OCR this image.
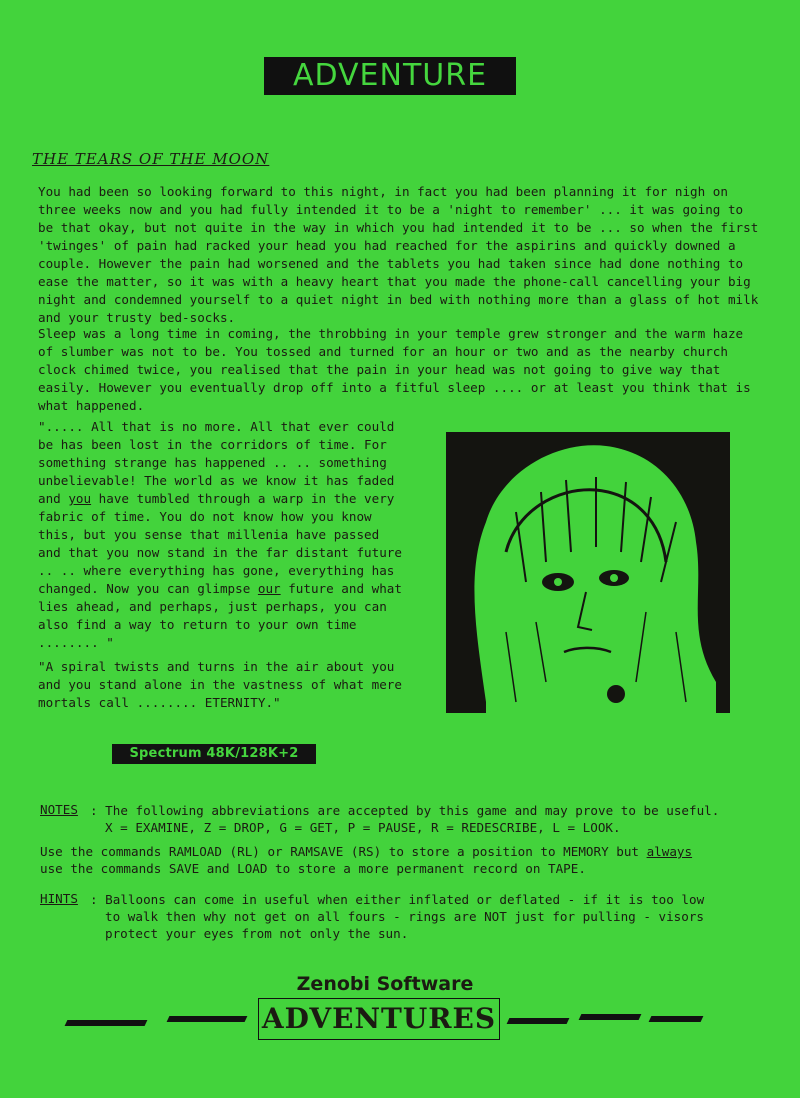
ADVENTURE
THE TEARS OF THE MOON

You had been so looking forward to this night, in fact you had been planning it for nigh on three weeks now and you had fully intended it to be a 'night to remember' ... it was going to be that okay, but not quite in the way in which you had intended it to be ... so when the first 'twinges' of pain had racked your head you had reached for the aspirins and quickly downed a couple. However the pain had worsened and the tablets you had taken since had done nothing to ease the matter, so it was with a heavy heart that you made the phone-call cancelling your big night and condemned yourself to a quiet night in bed with nothing more than a glass of hot milk and your trusty bed-socks.

Sleep was a long time in coming, the throbbing in your temple grew stronger and the warm haze of slumber was not to be. You tossed and turned for an hour or two and as the nearby church clock chimed twice, you realised that the pain in your head was not going to give way that easily. However you eventually drop off into a fitful sleep .... or at least you think that is what happened.

"..... All that is no more. All that ever could be has been lost in the corridors of time. For something strange has happened .. .. something unbelievable! The world as we know it has faded and you have tumbled through a warp in the very fabric of time. You do not know how you know this, but you sense that millenia have passed and that you now stand in the far distant future .. .. where everything has gone, everything has changed. Now you can glimpse our future and what lies ahead, and perhaps, just perhaps, you can also find a way to return to your own time ........ "

"A spiral twists and turns in the air about you and you stand alone in the vastness of what mere mortals call ........ ETERNITY."

Spectrum 48K/128K+2
NOTES : The following abbreviations are accepted by this game and may prove to be useful.
X = EXAMINE, Z = DROP, G = GET, P = PAUSE, R = REDESCRIBE, L = LOOK.
Use the commands RAMLOAD (RL) or RAMSAVE (RS) to store a position to MEMORY but always
use the commands SAVE and LOAD to store a more permanent record on TAPE.
HINTS : Balloons can come in useful when either inflated or deflated - if it is too low
to walk then why not get on all fours - rings are NOT just for pulling - visors
protect your eyes from not only the sun.
Zenobi Software
ADVENTURES
